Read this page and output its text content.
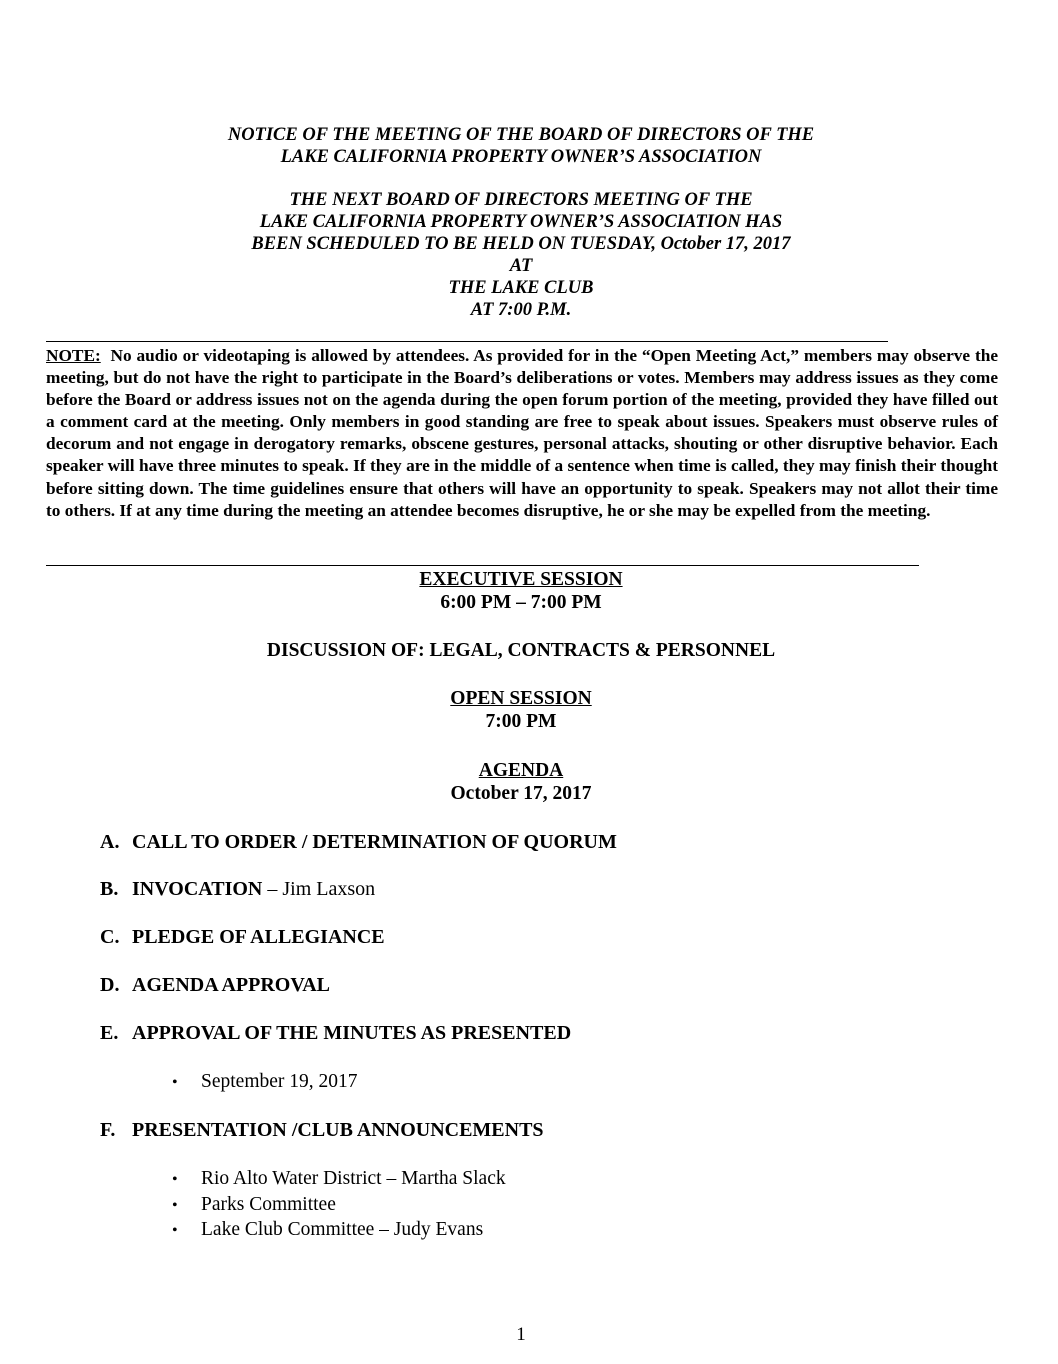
NOTICE OF THE MEETING OF THE BOARD OF DIRECTORS OF THE
LAKE CALIFORNIA PROPERTY OWNER’S ASSOCIATION
THE NEXT BOARD OF DIRECTORS MEETING OF THE
LAKE CALIFORNIA PROPERTY OWNER’S ASSOCIATION HAS
BEEN SCHEDULED TO BE HELD ON TUESDAY, October 17, 2017
AT
THE LAKE CLUB
AT 7:00 P.M.
NOTE: No audio or videotaping is allowed by attendees. As provided for in the “Open Meeting Act,” members may observe the meeting, but do not have the right to participate in the Board’s deliberations or votes. Members may address issues as they come before the Board or address issues not on the agenda during the open forum portion of the meeting, provided they have filled out a comment card at the meeting. Only members in good standing are free to speak about issues. Speakers must observe rules of decorum and not engage in derogatory remarks, obscene gestures, personal attacks, shouting or other disruptive behavior. Each speaker will have three minutes to speak. If they are in the middle of a sentence when time is called, they may finish their thought before sitting down. The time guidelines ensure that others will have an opportunity to speak. Speakers may not allot their time to others. If at any time during the meeting an attendee becomes disruptive, he or she may be expelled from the meeting.
EXECUTIVE SESSION
6:00 PM – 7:00 PM
DISCUSSION OF: LEGAL, CONTRACTS & PERSONNEL
OPEN SESSION
7:00 PM
AGENDA
October 17, 2017
A. CALL TO ORDER / DETERMINATION OF QUORUM
B. INVOCATION – Jim Laxson
C. PLEDGE OF ALLEGIANCE
D. AGENDA APPROVAL
E. APPROVAL OF THE MINUTES AS PRESENTED
• September 19, 2017
F. PRESENTATION /CLUB ANNOUNCEMENTS
• Rio Alto Water District – Martha Slack
• Parks Committee
• Lake Club Committee – Judy Evans
1
